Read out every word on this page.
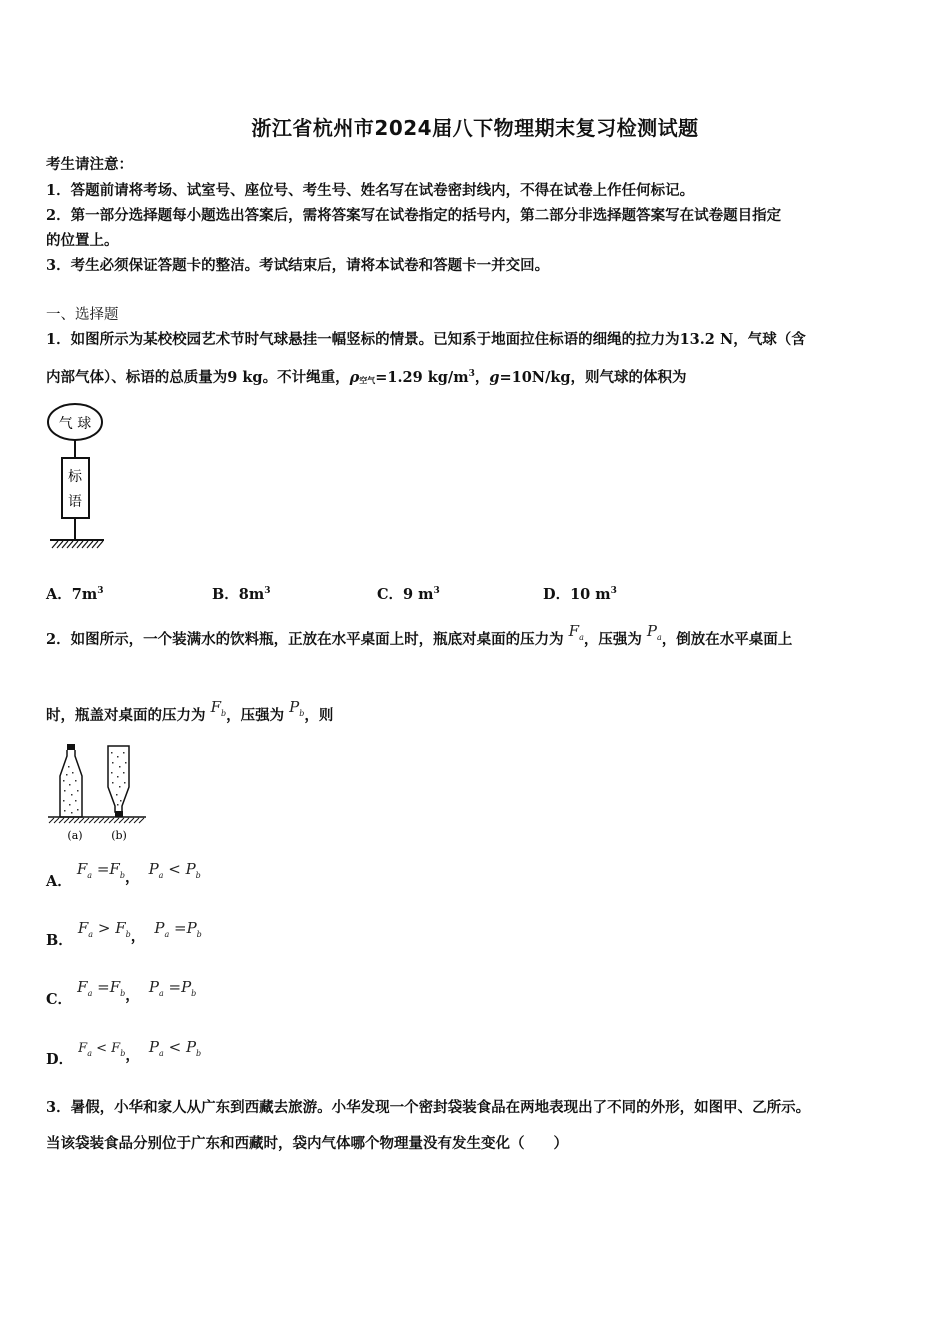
浙江省杭州市2024届八下物理期末复习检测试题
考生请注意：
1．答题前请将考场、试室号、座位号、考生号、姓名写在试卷密封线内，不得在试卷上作任何标记。
2．第一部分选择题每小题选出答案后，需将答案写在试卷指定的括号内，第二部分非选择题答案写在试卷题目指定
的位置上。
3．考生必须保证答题卡的整洁。考试结束后，请将本试卷和答题卡一并交回。
一、选择题
1．如图所示为某校校园艺术节时气球悬挂一幅竖标的情景。已知系于地面拉住标语的细绳的拉力为13.2 N，气球（含
内部气体）、标语的总质量为9 kg。不计绳重，ρ空气=1.29 $kg/m^3$，g=10N/kg，则气球的体积为
气 球
标
语
A．$7m^3$	B．$8m^3$	C．9 $m^3$	D．10 $m^3$
2．如图所示，一个装满水的饮料瓶，正放在水平桌面上时，瓶底对桌面的压力为 $F_a$，压强为 $P_a$，倒放在水平桌面上
时，瓶盖对桌面的压力为 $F_b$，压强为 $P_b$，则
(a)	(b)
A． $F_a =F_b$， $P_a < P_b$
B． $F_a > F_b$， $P_a =P_b$
C． $F_a =F_b$， $P_a =P_b$
D． $F_a < F_b$， $P_a < P_b$
3．暑假，小华和家人从广东到西藏去旅游。小华发现一个密封袋装食品在两地表现出了不同的外形，如图甲、乙所示。
当该袋装食品分别位于广东和西藏时，袋内气体哪个物理量没有发生变化（　　）
